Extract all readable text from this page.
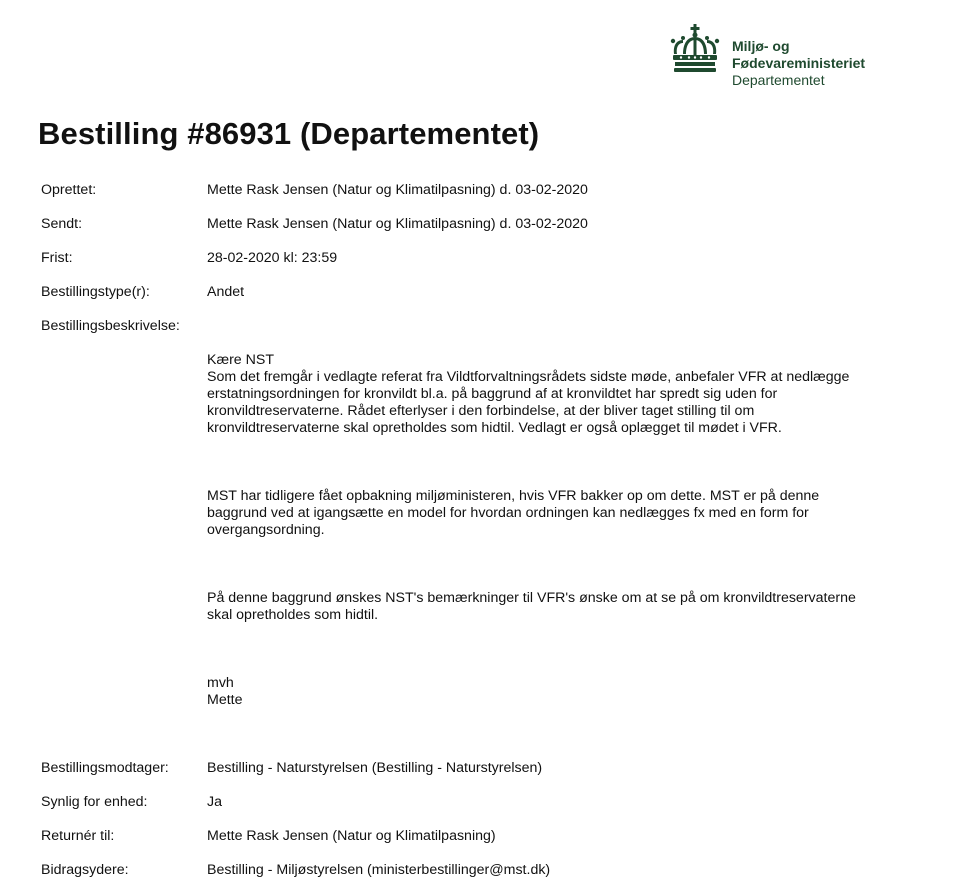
Miljø- og
Fødevareministeriet
Departementet
Bestilling #86931 (Departementet)
Oprettet:	Mette Rask Jensen (Natur og Klimatilpasning) d. 03-02-2020
Sendt:	Mette Rask Jensen (Natur og Klimatilpasning) d. 03-02-2020
Frist:	28-02-2020 kl: 23:59
Bestillingstype(r):	Andet
Bestillingsbeskrivelse:

Kære NST
Som det fremgår i vedlagte referat fra Vildtforvaltningsrådets sidste møde, anbefaler VFR at nedlægge
erstatningsordningen for kronvildt bl.a. på baggrund af at kronvildtet har spredt sig uden for
kronvildtreservaterne. Rådet efterlyser i den forbindelse, at der bliver taget stilling til om
kronvildtreservaterne skal opretholdes som hidtil. Vedlagt er også oplægget til mødet i VFR.

MST har tidligere fået opbakning miljøministeren, hvis VFR bakker op om dette. MST er på denne
baggrund ved at igangsætte en model for hvordan ordningen kan nedlægges fx med en form for
overgangsordning.

På denne baggrund ønskes NST's bemærkninger til VFR's ønske om at se på om kronvildtreservaterne
skal opretholdes som hidtil.

mvh
Mette

Bestillingsmodtager:	Bestilling - Naturstyrelsen (Bestilling - Naturstyrelsen)
Synlig for enhed:	Ja
Returnér til:	Mette Rask Jensen (Natur og Klimatilpasning)
Bidragsydere:	Bestilling - Miljøstyrelsen (ministerbestillinger@mst.dk)
